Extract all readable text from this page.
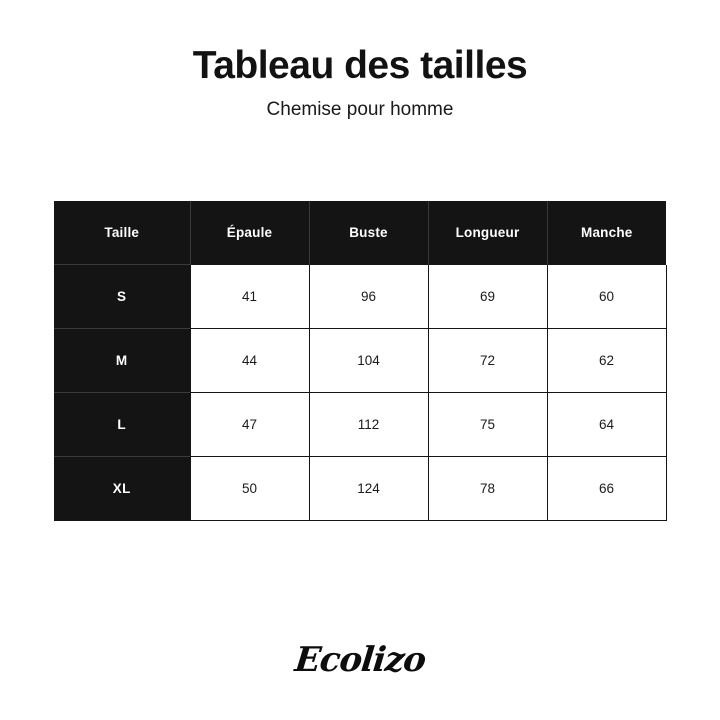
Tableau des tailles

Chemise pour homme

Taille	Épaule	Buste	Longueur	Manche
S	41	96	69	60
M	44	104	72	62
L	47	112	75	64
XL	50	124	78	66
Ecolizo
